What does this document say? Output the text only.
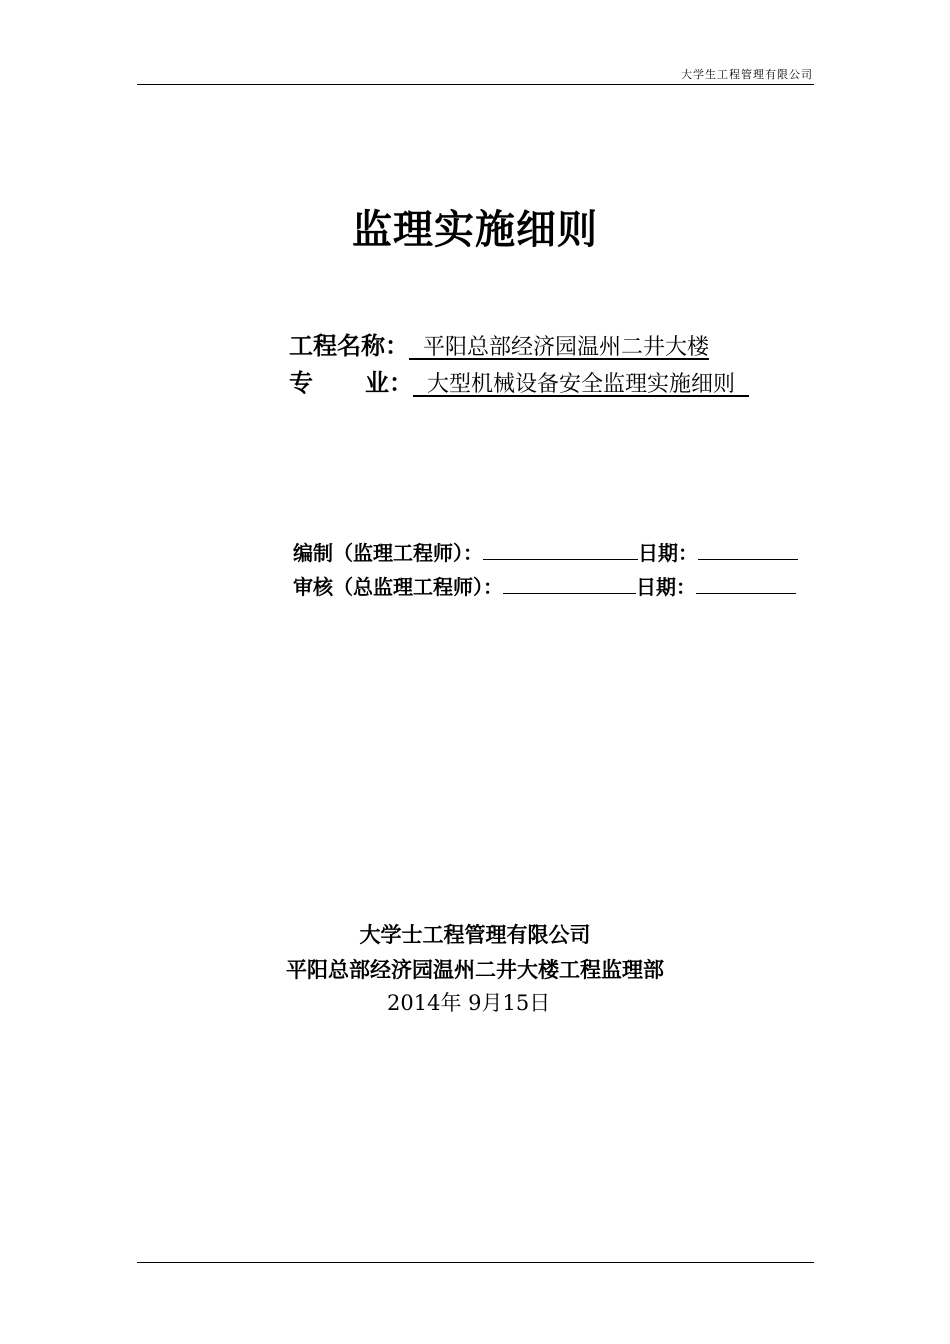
大学生工程管理有限公司
监理实施细则
工程名称：  平阳总部经济园温州二井大楼
专 业：  大型机械设备安全监理实施细则
编制（监理工程师）：	日期：
审核（总监理工程师）：	日期：
大学士工程管理有限公司
平阳总部经济园温州二井大楼工程监理部
2014年 9月15日
